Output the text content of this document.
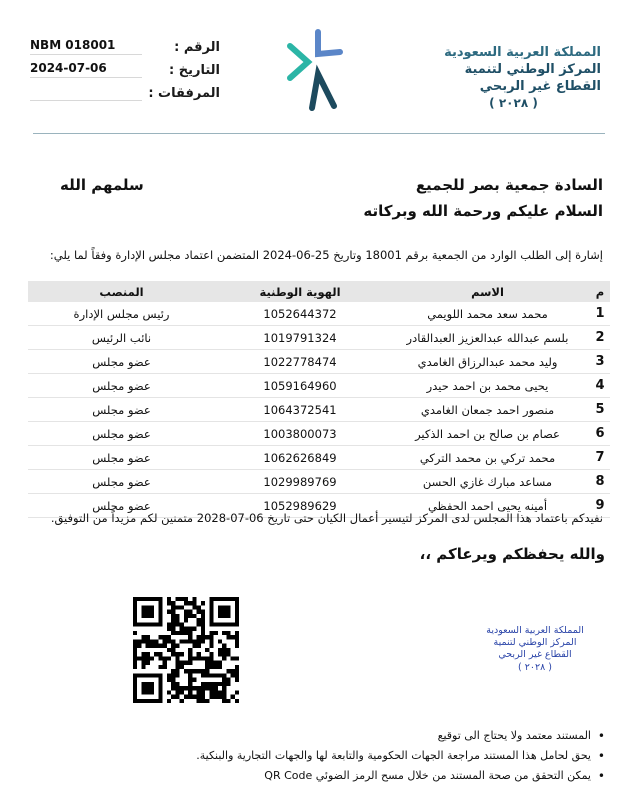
المملكة العربية السعودية
المركز الوطني لتنمية
القطاع غير الربحي
( ٢٠٢٨ )
NBM 018001	الرقم :
2024-07-06	التاريخ :
المرفقات :
السادة جمعية بصر للجميع
سلمهم الله
السلام عليكم ورحمة الله وبركاته
إشارة إلى الطلب الوارد من الجمعية برقم 18001 وتاريخ 25-06-2024 المتضمن اعتماد مجلس الإدارة وفقاً لما يلي:
م
الاسم
الهوية الوطنية
المنصب
1
محمد سعد محمد اللويمي
1052644372
رئيس مجلس الإدارة
2
بلسم عبدالله عبدالعزيز العبدالقادر
1019791324
نائب الرئيس
3
وليد محمد عبدالرزاق الغامدي
1022778474
عضو مجلس
4
يحيى محمد بن احمد حيدر
1059164960
عضو مجلس
5
منصور احمد جمعان الغامدي
1064372541
عضو مجلس
6
عصام بن صالح بن احمد الذكير
1003800073
عضو مجلس
7
محمد تركي بن محمد التركي
1062626849
عضو مجلس
8
مساعد مبارك غازي الحسن
1029989769
عضو مجلس
9
أمينه يحيى احمد الحفظي
1052989629
عضو مجلس
نفيدكم باعتماد هذا المجلس لدى المركز لتيسير أعمال الكيان حتى تاريخ 06-07-2028 متمنين لكم مزيداً من التوفيق.
والله يحفظكم ويرعاكم ،،
المملكة العربية السعودية
المركز الوطني لتنمية
القطاع غير الربحي
( ٢٠٢٨ )
• المستند معتمد ولا يحتاج الى توقيع
• يحق لحامل هذا المستند مراجعة الجهات الحكومية والتابعة لها والجهات التجارية والبنكية.
• يمكن التحقق من صحة المستند من خلال مسح الرمز الضوئي QR Code
